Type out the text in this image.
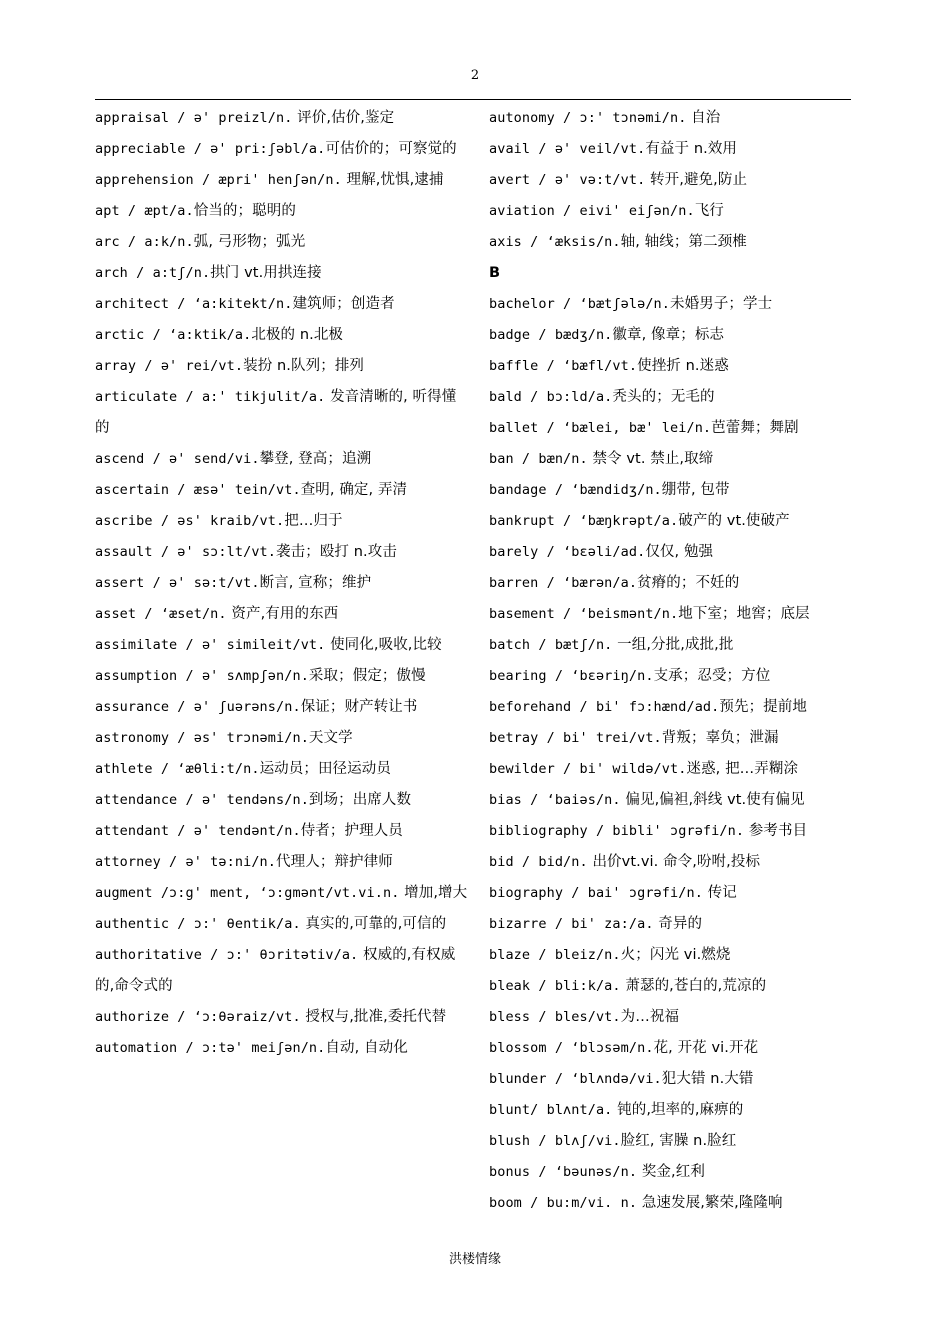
2
appraisal / ə' preizl/n. 评价,估价,鉴定
appreciable / ə' pri:ʃəbl/a.可估价的；可察觉的
apprehension / æpri' henʃən/n. 理解,忧惧,逮捕
apt / æpt/a.恰当的；聪明的
arc / a:k/n.弧, 弓形物；弧光
arch / a:tʃ/n.拱门 vt.用拱连接
architect / ‘a:kitekt/n.建筑师；创造者
arctic / ‘a:ktik/a.北极的 n.北极
array / ə' rei/vt.装扮 n.队列；排列
articulate / a:' tikjulit/a. 发音清晰的, 听得懂的
ascend / ə' send/vi.攀登, 登高；追溯
ascertain / æsə' tein/vt.查明, 确定, 弄清
ascribe / əs' kraib/vt.把…归于
assault / ə' sɔ:lt/vt.袭击；殴打 n.攻击
assert / ə' sə:t/vt.断言, 宣称；维护
asset / ‘æset/n. 资产,有用的东西
assimilate / ə' simileit/vt. 使同化,吸收,比较
assumption / ə' sʌmpʃən/n.采取；假定；傲慢
assurance / ə' ʃuərəns/n.保证；财产转让书
astronomy / əs' trɔnəmi/n.天文学
athlete / ‘æθli:t/n.运动员；田径运动员
attendance / ə' tendəns/n.到场；出席人数
attendant / ə' tendənt/n.侍者；护理人员
attorney / ə' tə:ni/n.代理人；辩护律师
augment /ɔ:g' ment, ‘ɔ:gmənt/vt.vi.n. 增加,增大
authentic / ɔ:' θentik/a. 真实的,可靠的,可信的
authoritative / ɔ:' θɔritətiv/a. 权威的,有权威的,命令式的
authorize / ‘ɔ:θəraiz/vt. 授权与,批准,委托代替
automation / ɔ:tə' meiʃən/n.自动, 自动化
autonomy / ɔ:' tɔnəmi/n. 自治
avail / ə' veil/vt.有益于 n.效用
avert / ə' və:t/vt. 转开,避免,防止
aviation / eivi' eiʃən/n.飞行
axis / ‘æksis/n.轴, 轴线；第二颈椎
B
bachelor / ‘bætʃələ/n.未婚男子；学士
badge / bædʒ/n.徽章, 像章；标志
baffle / ‘bæfl/vt.使挫折 n.迷惑
bald / bɔ:ld/a.秃头的；无毛的
ballet / ‘bælei, bæ' lei/n.芭蕾舞；舞剧
ban / bæn/n. 禁令 vt. 禁止,取缔
bandage / ‘bændidʒ/n.绷带, 包带
bankrupt / ‘bæŋkrəpt/a.破产的 vt.使破产
barely / ‘bɛəli/ad.仅仅, 勉强
barren / ‘bærən/a.贫瘠的；不妊的
basement / ‘beismənt/n.地下室；地窖；底层
batch / bætʃ/n. 一组,分批,成批,批
bearing / ‘bɛəriŋ/n.支承；忍受；方位
beforehand / bi' fɔ:hænd/ad.预先；提前地
betray / bi' trei/vt.背叛；辜负；泄漏
bewilder / bi' wildə/vt.迷惑, 把…弄糊涂
bias / ‘baiəs/n. 偏见,偏袒,斜线 vt.使有偏见
bibliography / bibli' ɔgrəfi/n. 参考书目
bid / bid/n. 出价vt.vi. 命令,吩咐,投标
biography / bai' ɔgrəfi/n. 传记
bizarre / bi' za:/a. 奇异的
blaze / bleiz/n.火；闪光 vi.燃烧
bleak / bli:k/a. 萧瑟的,苍白的,荒凉的
bless / bles/vt.为…祝福
blossom / ‘blɔsəm/n.花, 开花 vi.开花
blunder / ‘blʌndə/vi.犯大错 n.大错
blunt/ blʌnt/a. 钝的,坦率的,麻痹的
blush / blʌʃ/vi.脸红, 害臊 n.脸红
bonus / ‘bəunəs/n. 奖金,红利
boom / bu:m/vi. n. 急速发展,繁荣,隆隆响
洪楼情缘
